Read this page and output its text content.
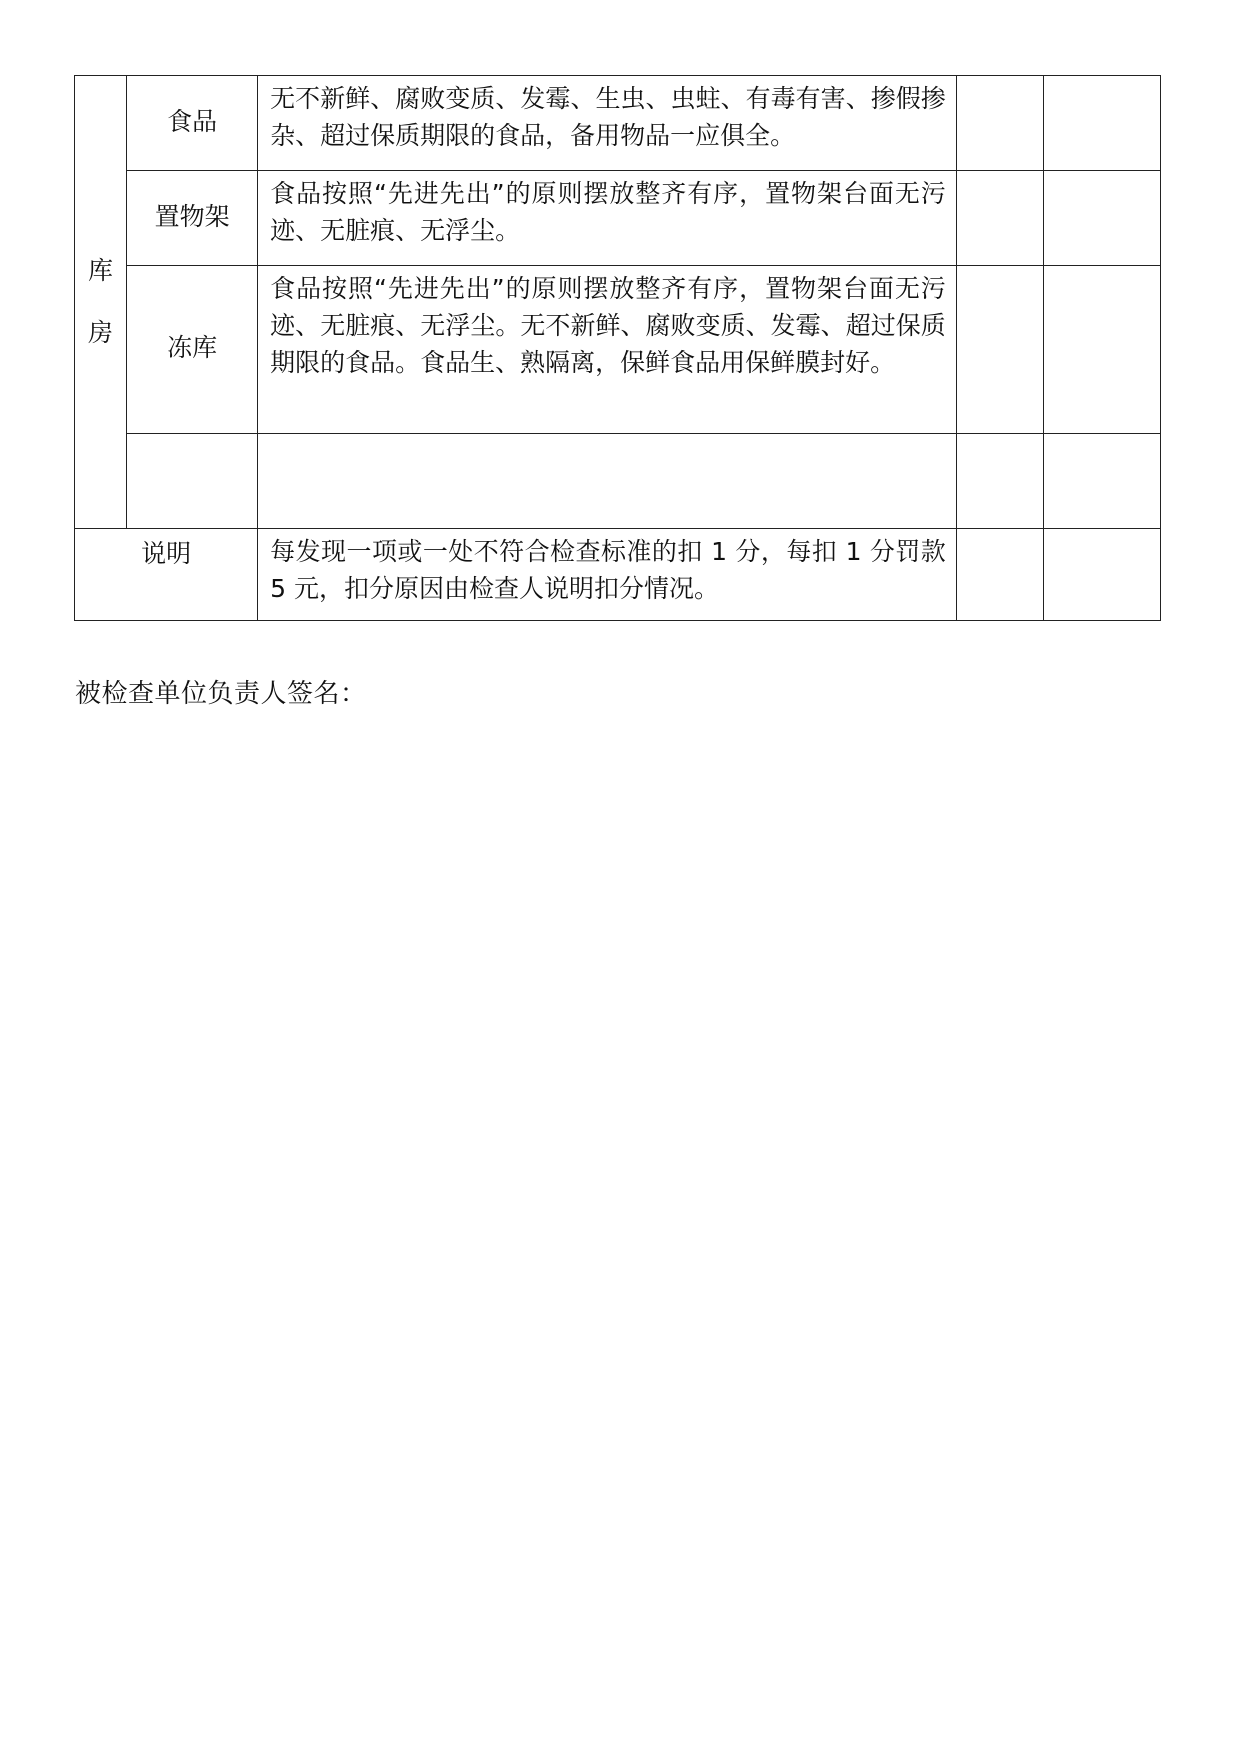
库房	食品	无不新鲜、腐败变质、发霉、生虫、虫蛀、有毒有害、掺假掺杂、超过保质期限的食品，备用物品一应俱全。		

	置物架	食品按照“先进先出”的原则摆放整齐有序，置物架台面无污迹、无脏痕、无浮尘。		

	冻库	食品按照“先进先出”的原则摆放整齐有序，置物架台面无污迹、无脏痕、无浮尘。无不新鲜、腐败变质、发霉、超过保质期限的食品。食品生、熟隔离，保鲜食品用保鲜膜封好。		

说明		每发现一项或一处不符合检查标准的扣 1 分，每扣 1 分罚款 5 元，扣分原因由检查人说明扣分情况。		

被检查单位负责人签名：
